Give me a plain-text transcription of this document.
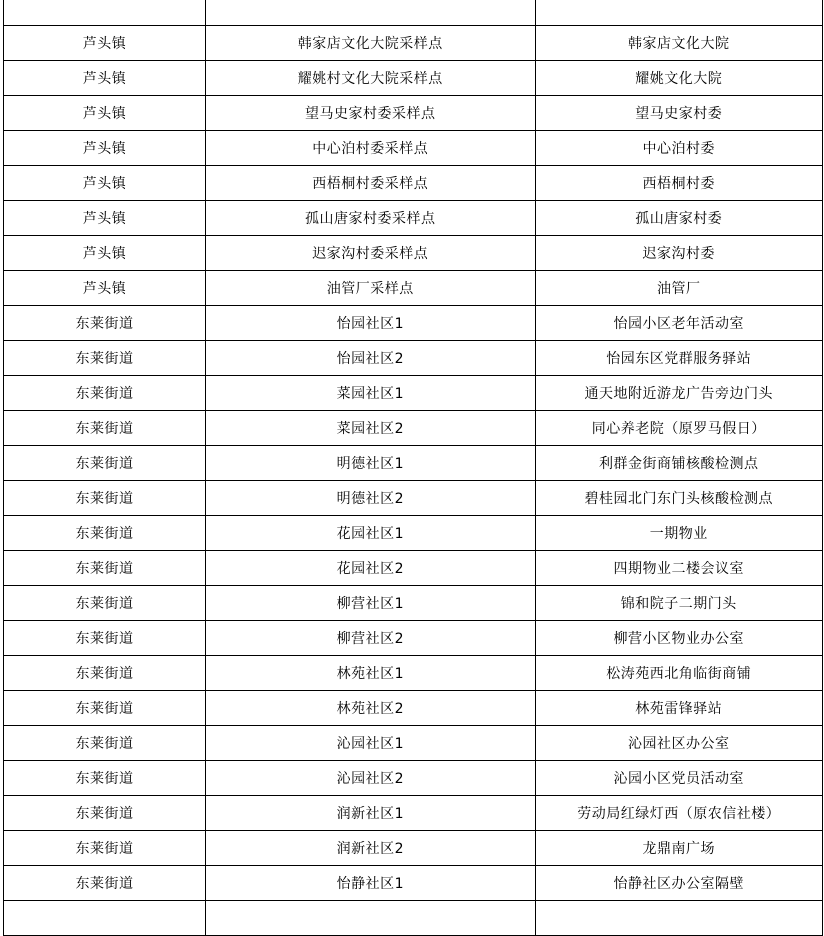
芦头镇	韩家店文化大院采样点	韩家店文化大院
芦头镇	耀姚村文化大院采样点	耀姚文化大院
芦头镇	望马史家村委采样点	望马史家村委
芦头镇	中心泊村委采样点	中心泊村委
芦头镇	西梧桐村委采样点	西梧桐村委
芦头镇	孤山唐家村委采样点	孤山唐家村委
芦头镇	迟家沟村委采样点	迟家沟村委
芦头镇	油管厂采样点	油管厂
东莱街道	怡园社区1	怡园小区老年活动室
东莱街道	怡园社区2	怡园东区党群服务驿站
东莱街道	菜园社区1	通天地附近游龙广告旁边门头
东莱街道	菜园社区2	同心养老院（原罗马假日）
东莱街道	明德社区1	利群金街商铺核酸检测点
东莱街道	明德社区2	碧桂园北门东门头核酸检测点
东莱街道	花园社区1	一期物业
东莱街道	花园社区2	四期物业二楼会议室
东莱街道	柳营社区1	锦和院子二期门头
东莱街道	柳营社区2	柳营小区物业办公室
东莱街道	林苑社区1	松涛苑西北角临街商铺
东莱街道	林苑社区2	林苑雷锋驿站
东莱街道	沁园社区1	沁园社区办公室
东莱街道	沁园社区2	沁园小区党员活动室
东莱街道	润新社区1	劳动局红绿灯西（原农信社楼）
东莱街道	润新社区2	龙鼎南广场
东莱街道	怡静社区1	怡静社区办公室隔壁
